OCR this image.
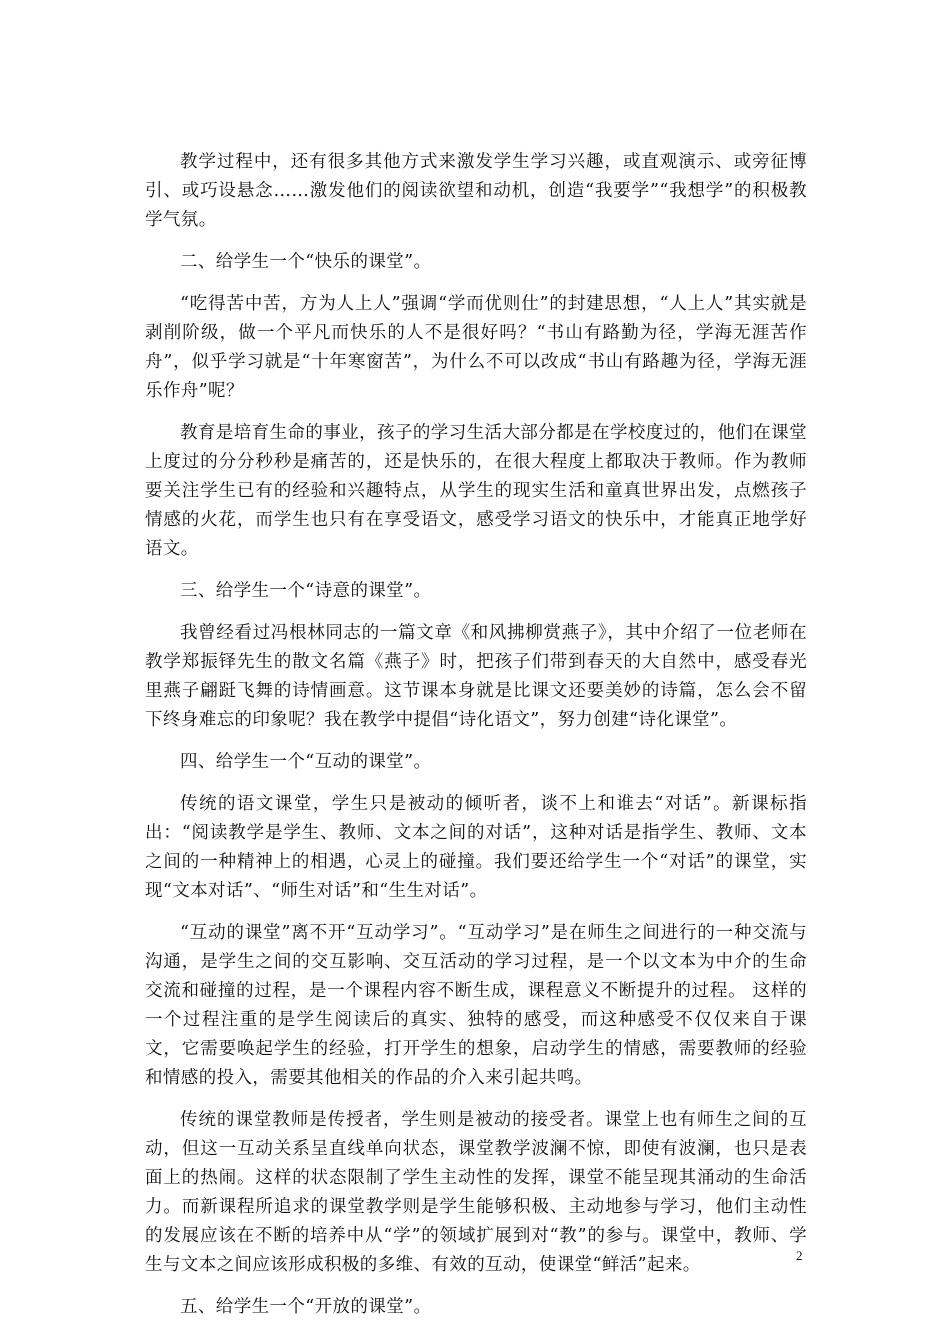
教学过程中，还有很多其他方式来激发学生学习兴趣，或直观演示、或旁征博引、或巧设悬念……激发他们的阅读欲望和动机，创造“我要学”“我想学”的积极教学气氛。

二、给学生一个“快乐的课堂”。

“吃得苦中苦，方为人上人”强调“学而优则仕”的封建思想，“人上人”其实就是剥削阶级，做一个平凡而快乐的人不是很好吗？“书山有路勤为径，学海无涯苦作舟”，似乎学习就是“十年寒窗苦”，为什么不可以改成“书山有路趣为径，学海无涯乐作舟”呢？

教育是培育生命的事业，孩子的学习生活大部分都是在学校度过的，他们在课堂上度过的分分秒秒是痛苦的，还是快乐的，在很大程度上都取决于教师。作为教师要关注学生已有的经验和兴趣特点，从学生的现实生活和童真世界出发，点燃孩子情感的火花，而学生也只有在享受语文，感受学习语文的快乐中，才能真正地学好语文。

三、给学生一个“诗意的课堂”。

我曾经看过冯根林同志的一篇文章《和风拂柳赏燕子》，其中介绍了一位老师在教学郑振铎先生的散文名篇《燕子》时，把孩子们带到春天的大自然中，感受春光里燕子翩跹飞舞的诗情画意。这节课本身就是比课文还要美妙的诗篇，怎么会不留下终身难忘的印象呢？我在教学中提倡“诗化语文”，努力创建“诗化课堂”。

四、给学生一个“互动的课堂”。

传统的语文课堂，学生只是被动的倾听者，谈不上和谁去“对话”。新课标指出：“阅读教学是学生、教师、文本之间的对话”，这种对话是指学生、教师、文本之间的一种精神上的相遇，心灵上的碰撞。我们要还给学生一个“对话”的课堂，实现“文本对话”、“师生对话”和“生生对话”。

“互动的课堂”离不开“互动学习”。“互动学习”是在师生之间进行的一种交流与沟通，是学生之间的交互影响、交互活动的学习过程，是一个以文本为中介的生命交流和碰撞的过程，是一个课程内容不断生成，课程意义不断提升的过程。 这样的一个过程注重的是学生阅读后的真实、独特的感受，而这种感受不仅仅来自于课文，它需要唤起学生的经验，打开学生的想象，启动学生的情感，需要教师的经验和情感的投入，需要其他相关的作品的介入来引起共鸣。

传统的课堂教师是传授者，学生则是被动的接受者。课堂上也有师生之间的互动，但这一互动关系呈直线单向状态，课堂教学波澜不惊，即使有波澜，也只是表面上的热闹。这样的状态限制了学生主动性的发挥，课堂不能呈现其涌动的生命活力。而新课程所追求的课堂教学则是学生能够积极、主动地参与学习，他们主动性的发展应该在不断的培养中从“学”的领域扩展到对“教”的参与。课堂中，教师、学生与文本之间应该形成积极的多维、有效的互动，使课堂“鲜活”起来。

五、给学生一个“开放的课堂”。

2
